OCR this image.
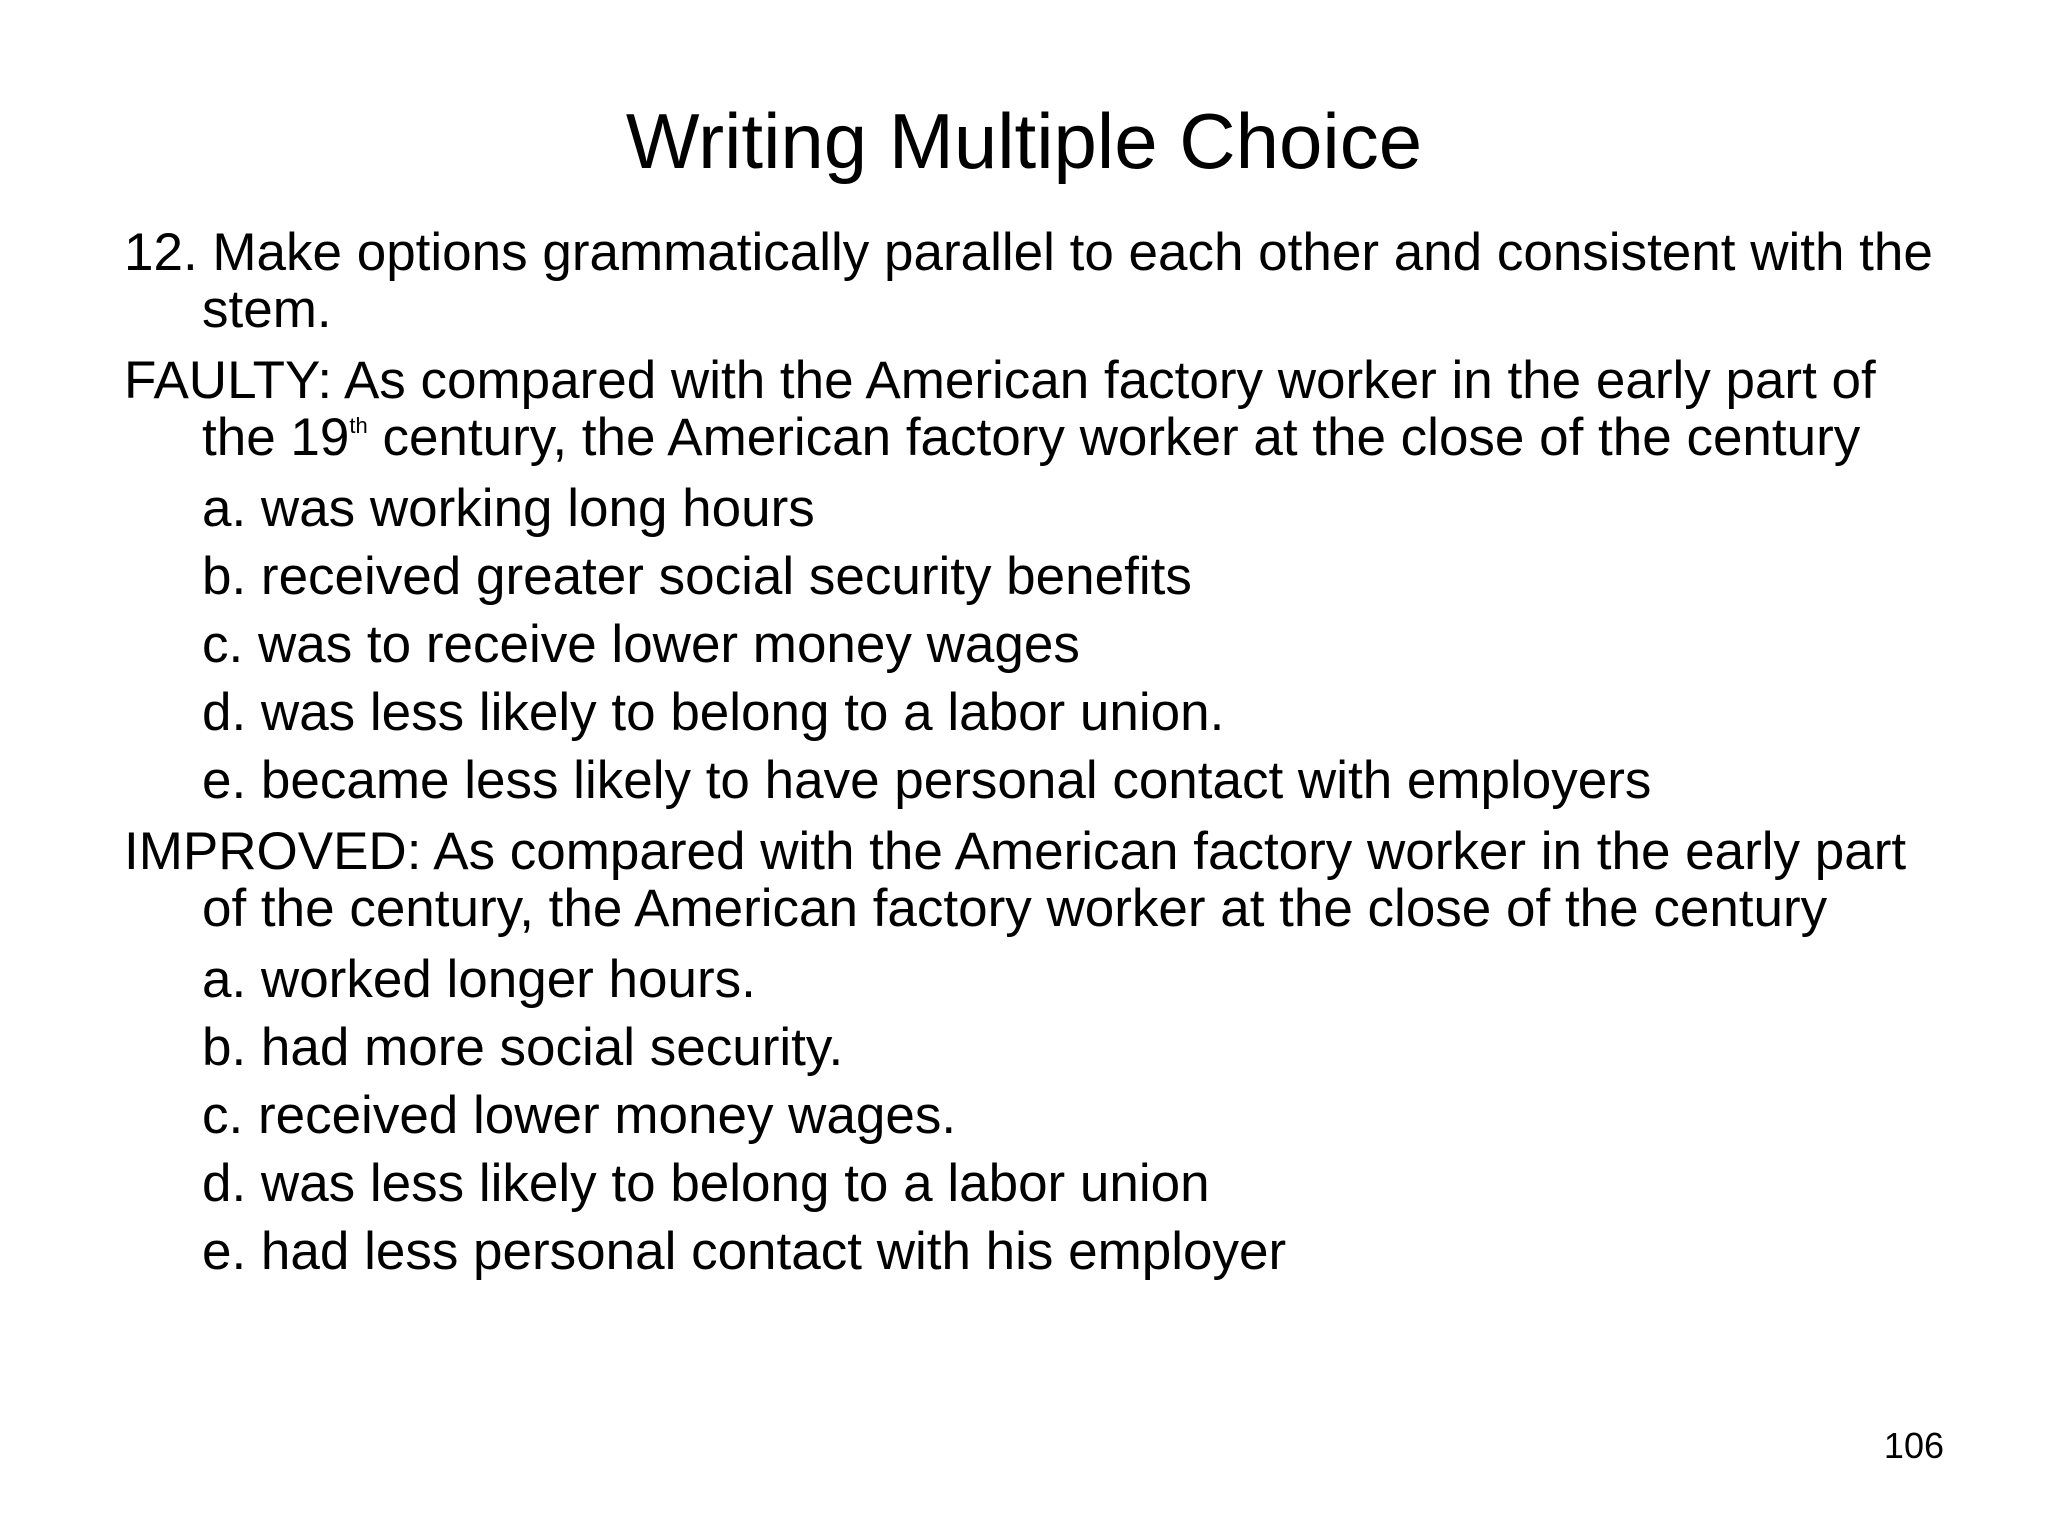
Writing Multiple Choice

12. Make options grammatically parallel to each other and consistent with the stem.

FAULTY: As compared with the American factory worker in the early part of the 19th century, the American factory worker at the close of the century

a. was working long hours

b. received greater social security benefits

c. was to receive lower money wages

d. was less likely to belong to a labor union.

e. became less likely to have personal contact with employers

IMPROVED: As compared with the American factory worker in the early part of the century, the American factory worker at the close of the century

a. worked longer hours.

b. had more social security.

c. received lower money wages.

d. was less likely to belong to a labor union

e. had less personal contact with his employer

106
